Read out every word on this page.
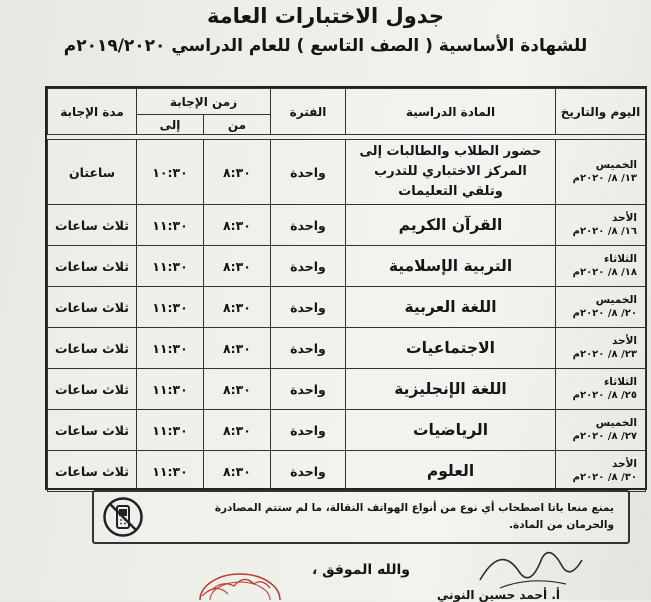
جدول الاختبارات العامة
للشهادة الأساسية ( الصف التاسع ) للعام الدراسي ٢٠١٩/٢٠٢٠م
اليوم والتاريخ	المادة الدراسية	الفترة	زمن الإجابة		مدة الإجابة
			من	إلى	

الخميس
١٣/ ٨/ ٢٠٢٠م	حضور الطلاب والطالبات إلى المركز الاختباري للتدرب وتلقي التعليمات	واحدة	٨:٣٠	١٠:٣٠	ساعتان

الأحد
١٦/ ٨/ ٢٠٢٠م	القرآن الكريم	واحدة	٨:٣٠	١١:٣٠	ثلاث ساعات

الثلاثاء
١٨/ ٨/ ٢٠٢٠م	التربية الإسلامية	واحدة	٨:٣٠	١١:٣٠	ثلاث ساعات

الخميس
٢٠/ ٨/ ٢٠٢٠م	اللغة العربية	واحدة	٨:٣٠	١١:٣٠	ثلاث ساعات

الأحد
٢٣/ ٨/ ٢٠٢٠م	الاجتماعيات	واحدة	٨:٣٠	١١:٣٠	ثلاث ساعات

الثلاثاء
٢٥/ ٨/ ٢٠٢٠م	اللغة الإنجليزية	واحدة	٨:٣٠	١١:٣٠	ثلاث ساعات

الخميس
٢٧/ ٨/ ٢٠٢٠م	الرياضيات	واحدة	٨:٣٠	١١:٣٠	ثلاث ساعات

الأحد
٣٠/ ٨/ ٢٠٢٠م	العلوم	واحدة	٨:٣٠	١١:٣٠	ثلاث ساعات
يمنع منعا باتا اصطحاب أي نوع من أنواع الهواتف النقالة، ما لم ستتم المصادرة والحرمان من المادة.
والله الموفق ،
أ. أحمد حسين النوني
